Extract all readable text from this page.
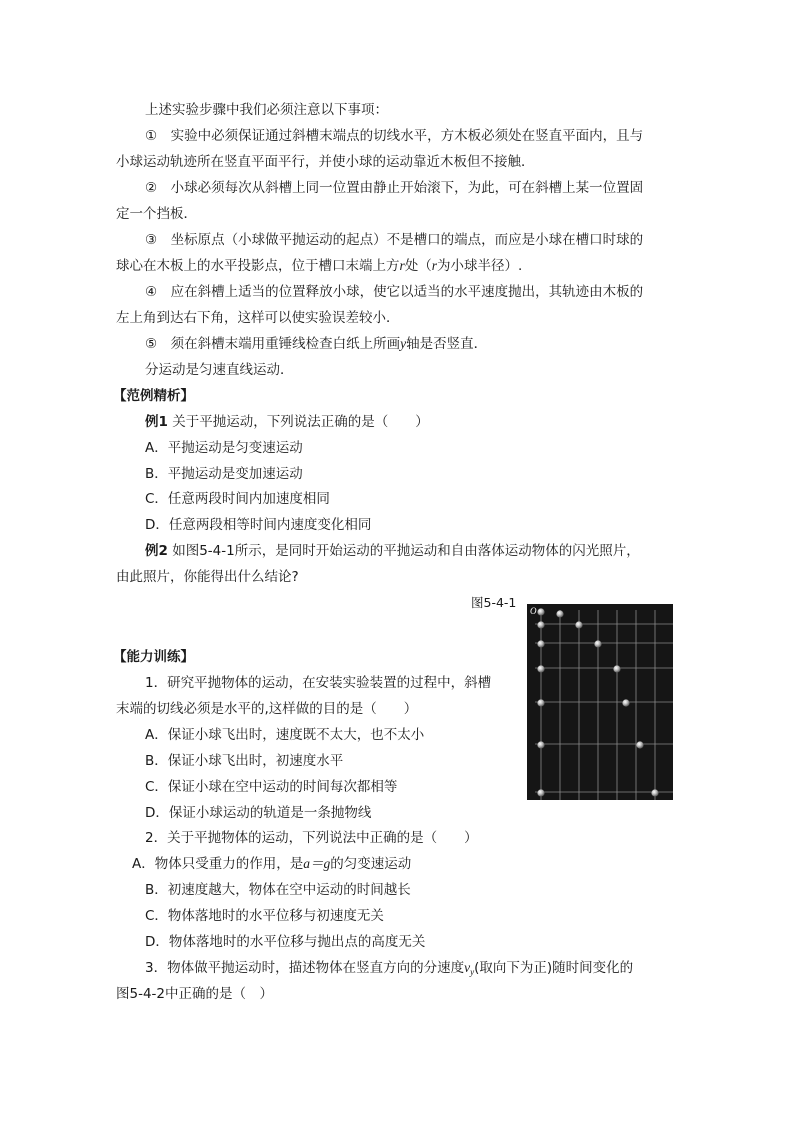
上述实验步骤中我们必须注意以下事项：
①　实验中必须保证通过斜槽末端点的切线水平，方木板必须处在竖直平面内，且与
小球运动轨迹所在竖直平面平行，并使小球的运动靠近木板但不接触．
②　小球必须每次从斜槽上同一位置由静止开始滚下，为此，可在斜槽上某一位置固
定一个挡板．
③　坐标原点（小球做平抛运动的起点）不是槽口的端点，而应是小球在槽口时球的
球心在木板上的水平投影点，位于槽口末端上方r处（r为小球半径）.
④　应在斜槽上适当的位置释放小球，使它以适当的水平速度抛出，其轨迹由木板的
左上角到达右下角，这样可以使实验误差较小．
⑤　须在斜槽末端用重锤线检查白纸上所画y轴是否竖直．
分运动是匀速直线运动．
【范例精析】
例1 关于平抛运动，下列说法正确的是（　　）
A．平抛运动是匀变速运动
B．平抛运动是变加速运动
C．任意两段时间内加速度相同
D．任意两段相等时间内速度变化相同
例2 如图5-4-1所示，是同时开始运动的平抛运动和自由落体运动物体的闪光照片，
由此照片，你能得出什么结论?
图5-4-1
O
【能力训练】
1．研究平抛物体的运动，在安装实验装置的过程中，斜槽
末端的切线必须是水平的,这样做的目的是（　　）
A．保证小球飞出时，速度既不太大，也不太小
B．保证小球飞出时，初速度水平
C．保证小球在空中运动的时间每次都相等
D．保证小球运动的轨道是一条抛物线
2．关于平抛物体的运动，下列说法中正确的是（　　）
A．物体只受重力的作用，是a＝g的匀变速运动
B．初速度越大，物体在空中运动的时间越长
C．物体落地时的水平位移与初速度无关
D．物体落地时的水平位移与抛出点的高度无关
3．物体做平抛运动时，描述物体在竖直方向的分速度$v_y$(取向下为正)随时间变化的
图5-4-2中正确的是（　）
